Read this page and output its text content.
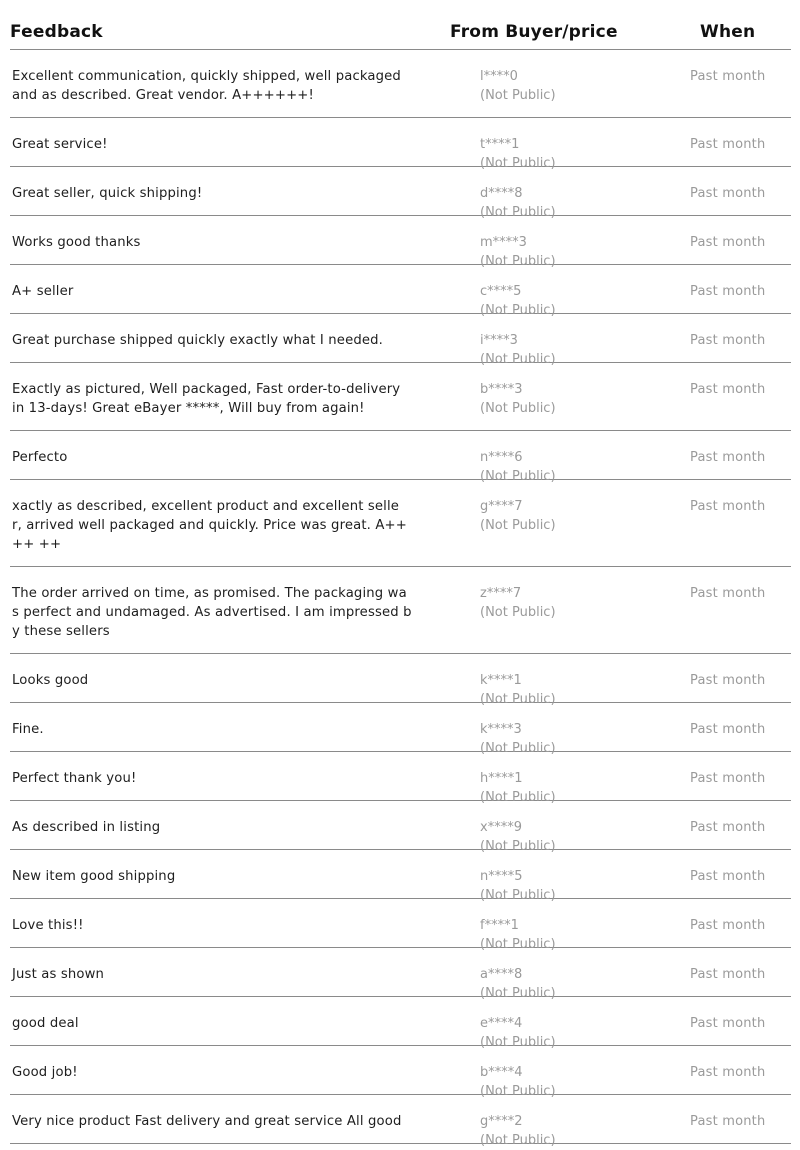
Feedback	From Buyer/price	When
Excellent communication, quickly shipped, well packaged
and as described. Great vendor. A++++++!
l****0
(Not Public)
Past month
Great service!	t****1
(Not Public)
Past month
Great seller, quick shipping!	d****8
(Not Public)
Past month
Works good thanks	m****3
(Not Public)
Past month
A+ seller	c****5
(Not Public)
Past month
Great purchase shipped quickly exactly what I needed.	i****3
(Not Public)
Past month
Exactly as pictured, Well packaged, Fast order-to-delivery
in 13-days! Great eBayer *****, Will buy from again!
b****3
(Not Public)
Past month
Perfecto	n****6
(Not Public)
Past month
xactly as described, excellent product and excellent selle
r, arrived well packaged and quickly. Price was great. A++
++ ++
g****7
(Not Public)
Past month
The order arrived on time, as promised. The packaging wa
s perfect and undamaged. As advertised. I am impressed b
y these sellers
z****7
(Not Public)
Past month
Looks good	k****1
(Not Public)
Past month
Fine.	k****3
(Not Public)
Past month
Perfect thank you!	h****1
(Not Public)
Past month
As described in listing	x****9
(Not Public)
Past month
New item good shipping	n****5
(Not Public)
Past month
Love this!!	f****1
(Not Public)
Past month
Just as shown	a****8
(Not Public)
Past month
good deal	e****4
(Not Public)
Past month
Good job!	b****4
(Not Public)
Past month
Very nice product Fast delivery and great service All good	g****2
(Not Public)
Past month
